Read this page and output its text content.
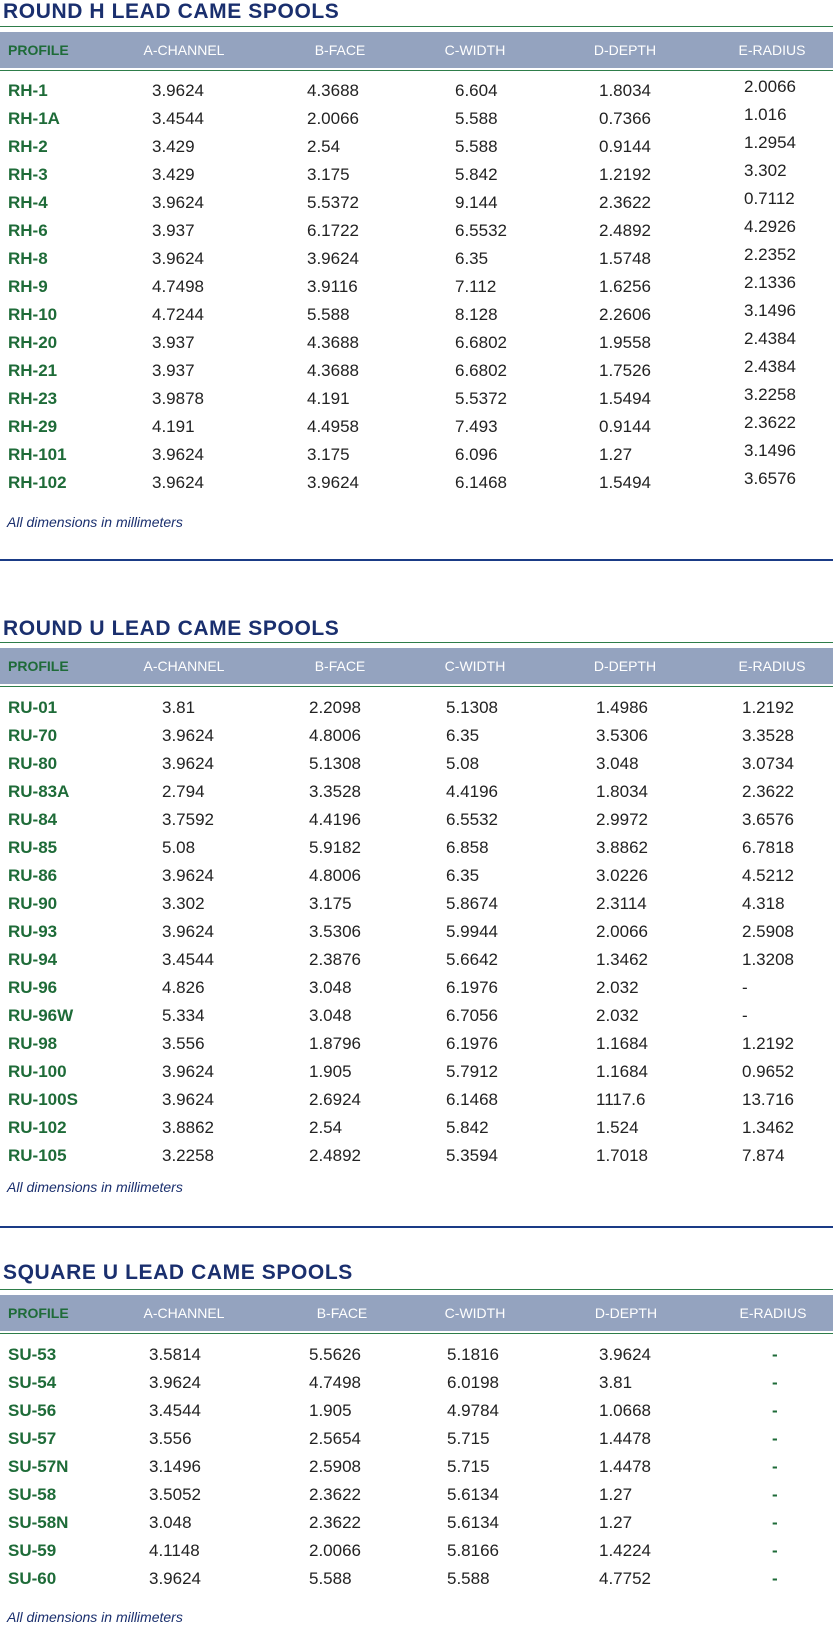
ROUND H LEAD CAME SPOOLS
PROFILE	A-CHANNEL	B-FACE	C-WIDTH	D-DEPTH	E-RADIUS
RH-1	3.9624	4.3688	6.604	1.8034	2.0066
RH-1A	3.4544	2.0066	5.588	0.7366	1.016
RH-2	3.429	2.54	5.588	0.9144	1.2954
RH-3	3.429	3.175	5.842	1.2192	3.302
RH-4	3.9624	5.5372	9.144	2.3622	0.7112
RH-6	3.937	6.1722	6.5532	2.4892	4.2926
RH-8	3.9624	3.9624	6.35	1.5748	2.2352
RH-9	4.7498	3.9116	7.112	1.6256	2.1336
RH-10	4.7244	5.588	8.128	2.2606	3.1496
RH-20	3.937	4.3688	6.6802	1.9558	2.4384
RH-21	3.937	4.3688	6.6802	1.7526	2.4384
RH-23	3.9878	4.191	5.5372	1.5494	3.2258
RH-29	4.191	4.4958	7.493	0.9144	2.3622
RH-101	3.9624	3.175	6.096	1.27	3.1496
RH-102	3.9624	3.9624	6.1468	1.5494	3.6576
All dimensions in millimeters
ROUND U LEAD CAME SPOOLS
PROFILE	A-CHANNEL	B-FACE	C-WIDTH	D-DEPTH	E-RADIUS
RU-01	3.81	2.2098	5.1308	1.4986	1.2192
RU-70	3.9624	4.8006	6.35	3.5306	3.3528
RU-80	3.9624	5.1308	5.08	3.048	3.0734
RU-83A	2.794	3.3528	4.4196	1.8034	2.3622
RU-84	3.7592	4.4196	6.5532	2.9972	3.6576
RU-85	5.08	5.9182	6.858	3.8862	6.7818
RU-86	3.9624	4.8006	6.35	3.0226	4.5212
RU-90	3.302	3.175	5.8674	2.3114	4.318
RU-93	3.9624	3.5306	5.9944	2.0066	2.5908
RU-94	3.4544	2.3876	5.6642	1.3462	1.3208
RU-96	4.826	3.048	6.1976	2.032	-
RU-96W	5.334	3.048	6.7056	2.032	-
RU-98	3.556	1.8796	6.1976	1.1684	1.2192
RU-100	3.9624	1.905	5.7912	1.1684	0.9652
RU-100S	3.9624	2.6924	6.1468	1117.6	13.716
RU-102	3.8862	2.54	5.842	1.524	1.3462
RU-105	3.2258	2.4892	5.3594	1.7018	7.874
All dimensions in millimeters
SQUARE U LEAD CAME SPOOLS
PROFILE	A-CHANNEL	B-FACE	C-WIDTH	D-DEPTH	E-RADIUS
SU-53	3.5814	5.5626	5.1816	3.9624	-
SU-54	3.9624	4.7498	6.0198	3.81	-
SU-56	3.4544	1.905	4.9784	1.0668	-
SU-57	3.556	2.5654	5.715	1.4478	-
SU-57N	3.1496	2.5908	5.715	1.4478	-
SU-58	3.5052	2.3622	5.6134	1.27	-
SU-58N	3.048	2.3622	5.6134	1.27	-
SU-59	4.1148	2.0066	5.8166	1.4224	-
SU-60	3.9624	5.588	5.588	4.7752	-
All dimensions in millimeters
